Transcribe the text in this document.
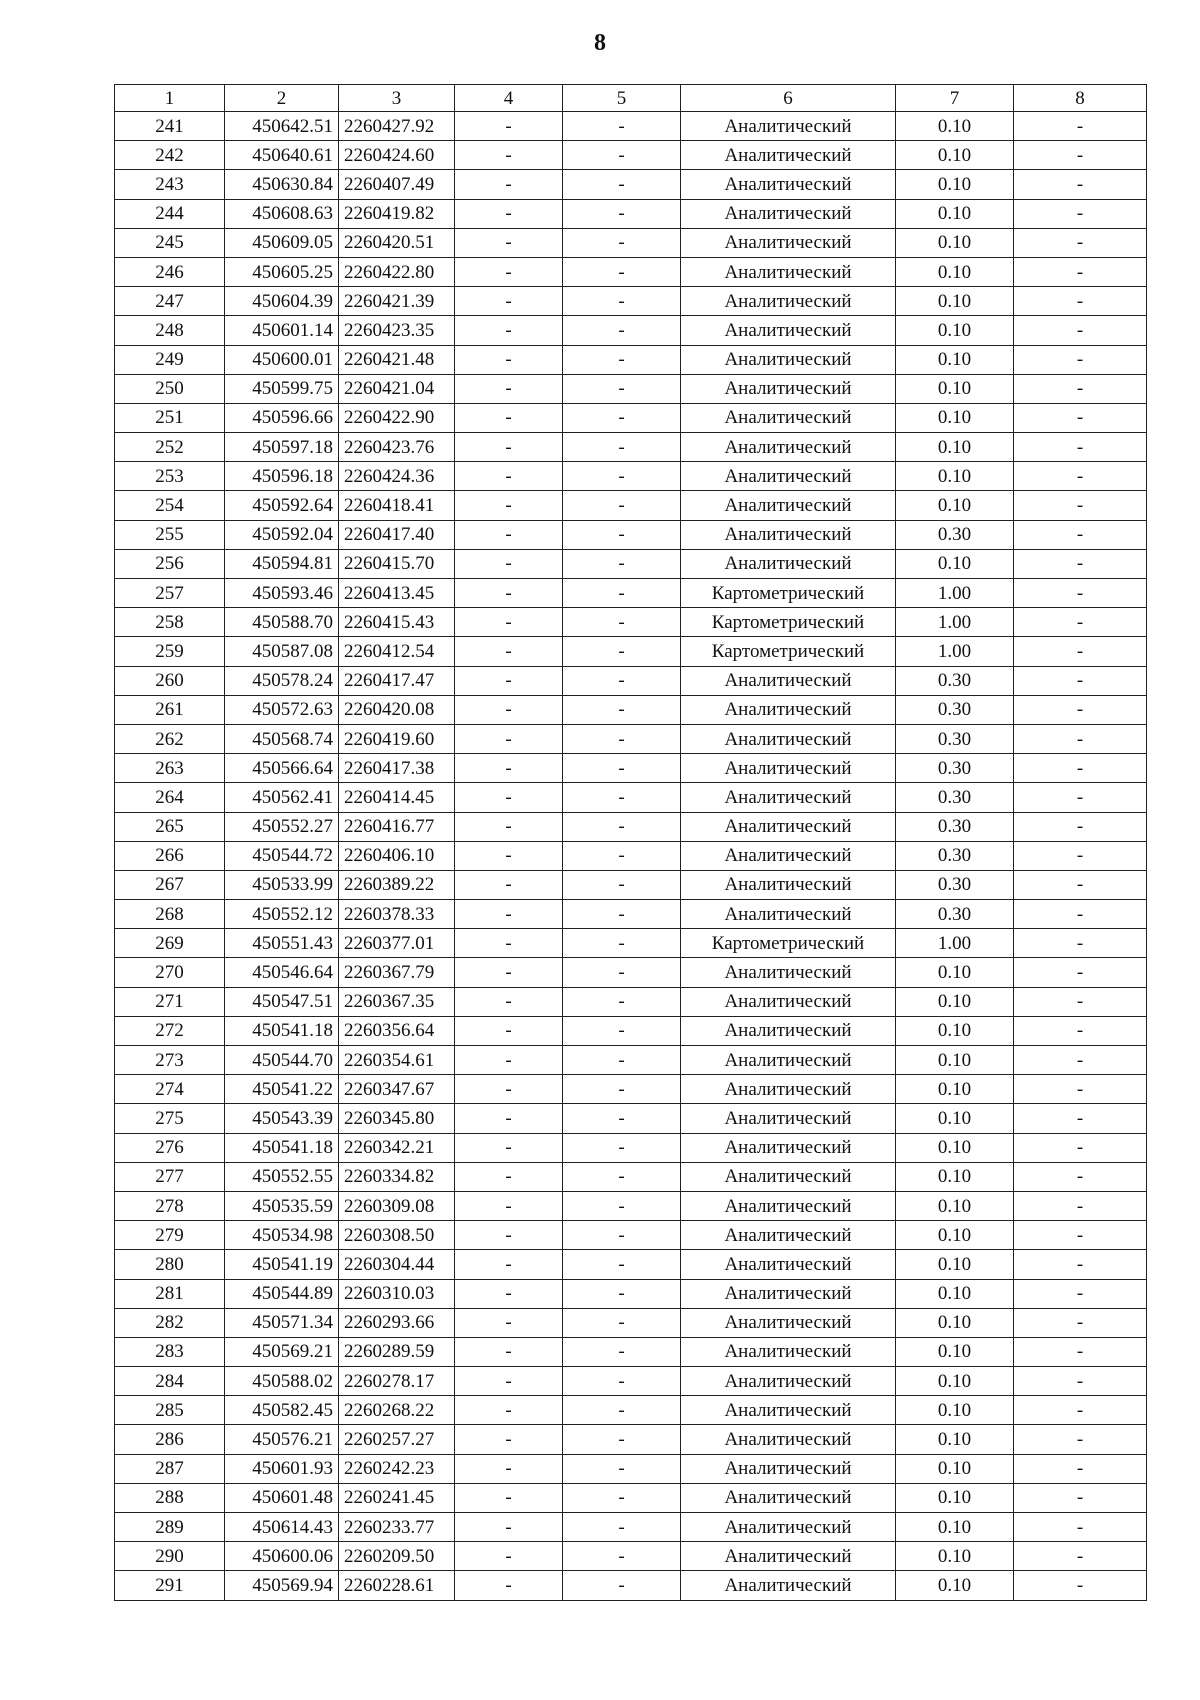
8
1	2	3	4	5	6	7	8
241	450642.51	2260427.92	-	-	Аналитический	0.10	-
242	450640.61	2260424.60	-	-	Аналитический	0.10	-
243	450630.84	2260407.49	-	-	Аналитический	0.10	-
244	450608.63	2260419.82	-	-	Аналитический	0.10	-
245	450609.05	2260420.51	-	-	Аналитический	0.10	-
246	450605.25	2260422.80	-	-	Аналитический	0.10	-
247	450604.39	2260421.39	-	-	Аналитический	0.10	-
248	450601.14	2260423.35	-	-	Аналитический	0.10	-
249	450600.01	2260421.48	-	-	Аналитический	0.10	-
250	450599.75	2260421.04	-	-	Аналитический	0.10	-
251	450596.66	2260422.90	-	-	Аналитический	0.10	-
252	450597.18	2260423.76	-	-	Аналитический	0.10	-
253	450596.18	2260424.36	-	-	Аналитический	0.10	-
254	450592.64	2260418.41	-	-	Аналитический	0.10	-
255	450592.04	2260417.40	-	-	Аналитический	0.30	-
256	450594.81	2260415.70	-	-	Аналитический	0.10	-
257	450593.46	2260413.45	-	-	Картометрический	1.00	-
258	450588.70	2260415.43	-	-	Картометрический	1.00	-
259	450587.08	2260412.54	-	-	Картометрический	1.00	-
260	450578.24	2260417.47	-	-	Аналитический	0.30	-
261	450572.63	2260420.08	-	-	Аналитический	0.30	-
262	450568.74	2260419.60	-	-	Аналитический	0.30	-
263	450566.64	2260417.38	-	-	Аналитический	0.30	-
264	450562.41	2260414.45	-	-	Аналитический	0.30	-
265	450552.27	2260416.77	-	-	Аналитический	0.30	-
266	450544.72	2260406.10	-	-	Аналитический	0.30	-
267	450533.99	2260389.22	-	-	Аналитический	0.30	-
268	450552.12	2260378.33	-	-	Аналитический	0.30	-
269	450551.43	2260377.01	-	-	Картометрический	1.00	-
270	450546.64	2260367.79	-	-	Аналитический	0.10	-
271	450547.51	2260367.35	-	-	Аналитический	0.10	-
272	450541.18	2260356.64	-	-	Аналитический	0.10	-
273	450544.70	2260354.61	-	-	Аналитический	0.10	-
274	450541.22	2260347.67	-	-	Аналитический	0.10	-
275	450543.39	2260345.80	-	-	Аналитический	0.10	-
276	450541.18	2260342.21	-	-	Аналитический	0.10	-
277	450552.55	2260334.82	-	-	Аналитический	0.10	-
278	450535.59	2260309.08	-	-	Аналитический	0.10	-
279	450534.98	2260308.50	-	-	Аналитический	0.10	-
280	450541.19	2260304.44	-	-	Аналитический	0.10	-
281	450544.89	2260310.03	-	-	Аналитический	0.10	-
282	450571.34	2260293.66	-	-	Аналитический	0.10	-
283	450569.21	2260289.59	-	-	Аналитический	0.10	-
284	450588.02	2260278.17	-	-	Аналитический	0.10	-
285	450582.45	2260268.22	-	-	Аналитический	0.10	-
286	450576.21	2260257.27	-	-	Аналитический	0.10	-
287	450601.93	2260242.23	-	-	Аналитический	0.10	-
288	450601.48	2260241.45	-	-	Аналитический	0.10	-
289	450614.43	2260233.77	-	-	Аналитический	0.10	-
290	450600.06	2260209.50	-	-	Аналитический	0.10	-
291	450569.94	2260228.61	-	-	Аналитический	0.10	-
